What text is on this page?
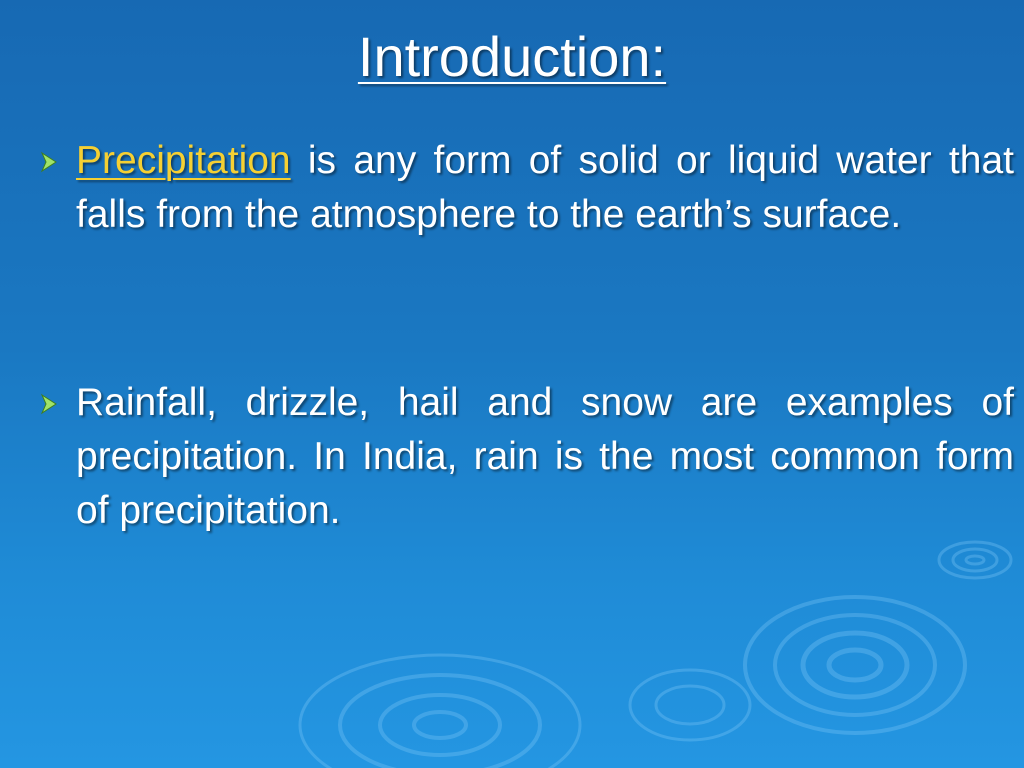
Introduction:
Precipitation is any form of solid or liquid water that falls from the atmosphere to the earth’s surface.
Rainfall, drizzle, hail and snow are examples of precipitation. In India, rain is the most common form of precipitation.
